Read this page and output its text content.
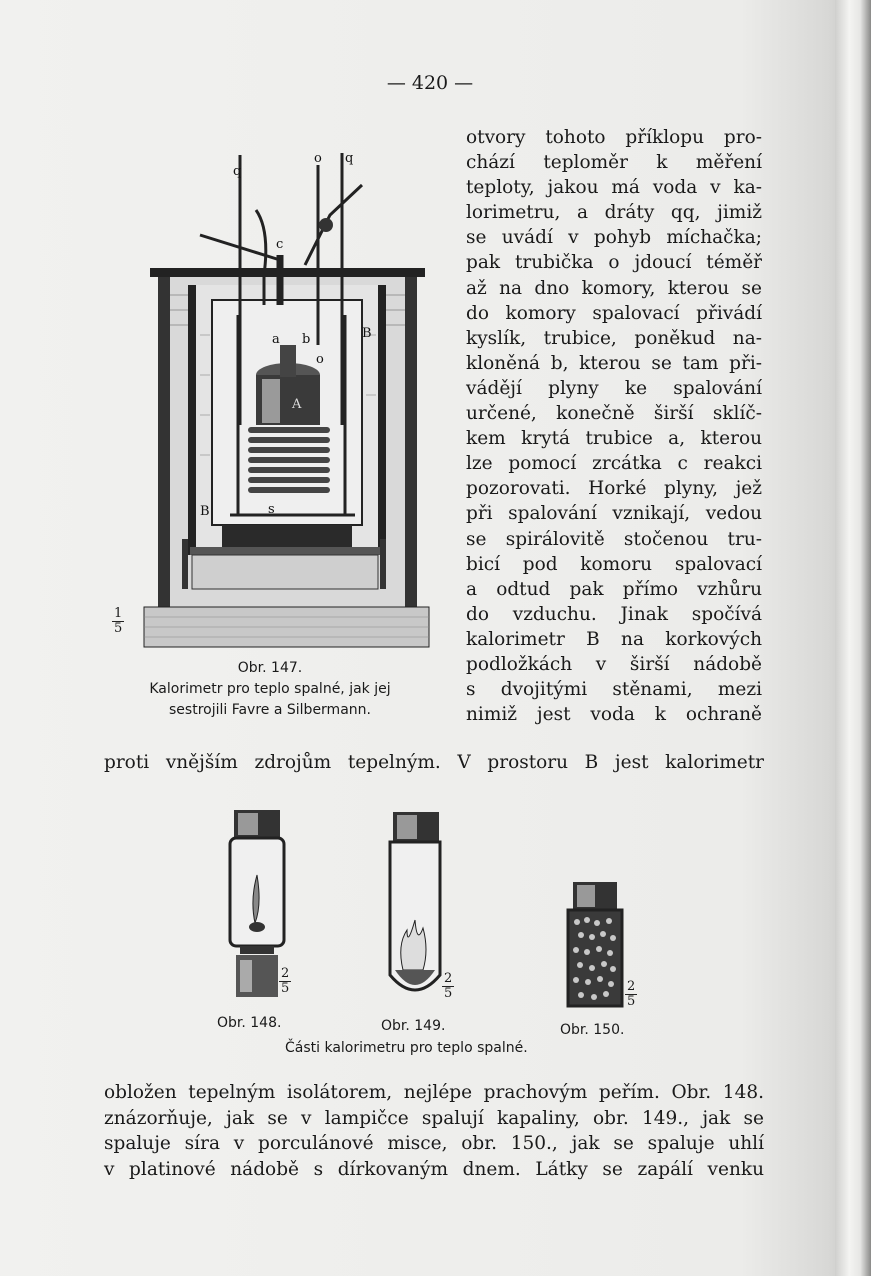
— 420 —
q
o q
c
a b
o
A
B
B	s
1
5
Obr. 147.
Kalorimetr pro teplo spalné, jak jej
sestrojili Favre a Silbermann.
otvory tohoto příklopu pro-
chází teploměr k měření
teploty, jakou má voda v ka-
lorimetru, a dráty qq, jimiž
se uvádí v pohyb míchačka;
pak trubička o jdoucí téměř
až na dno komory, kterou se
do komory spalovací přivádí
kyslík, trubice, poněkud na-
kloněná b, kterou se tam při-
vádějí plyny ke spalování
určené, konečně širší sklíč-
kem krytá trubice a, kterou
lze pomocí zrcátka c reakci
pozorovati. Horké plyny, jež
při spalování vznikají, vedou
se spirálovitě stočenou tru-
bicí pod komoru spalovací
a odtud pak přímo vzhůru
do vzduchu. Jinak spočívá
kalorimetr B na korkových
podložkách v širší nádobě
s dvojitými stěnami, mezi
nimiž jest voda k ochraně
proti vnějším zdrojům tepelným. V prostoru B jest kalorimetr
2
5
Obr. 148.
2
5
Obr. 149.
2
5
Obr. 150.
Části kalorimetru pro teplo spalné.
obložen tepelným isolátorem, nejlépe prachovým peřím. Obr. 148.
znázorňuje, jak se v lampičce spalují kapaliny, obr. 149., jak se
spaluje síra v porculánové misce, obr. 150., jak se spaluje uhlí
v platinové nádobě s dírkovaným dnem. Látky se zapálí venku
